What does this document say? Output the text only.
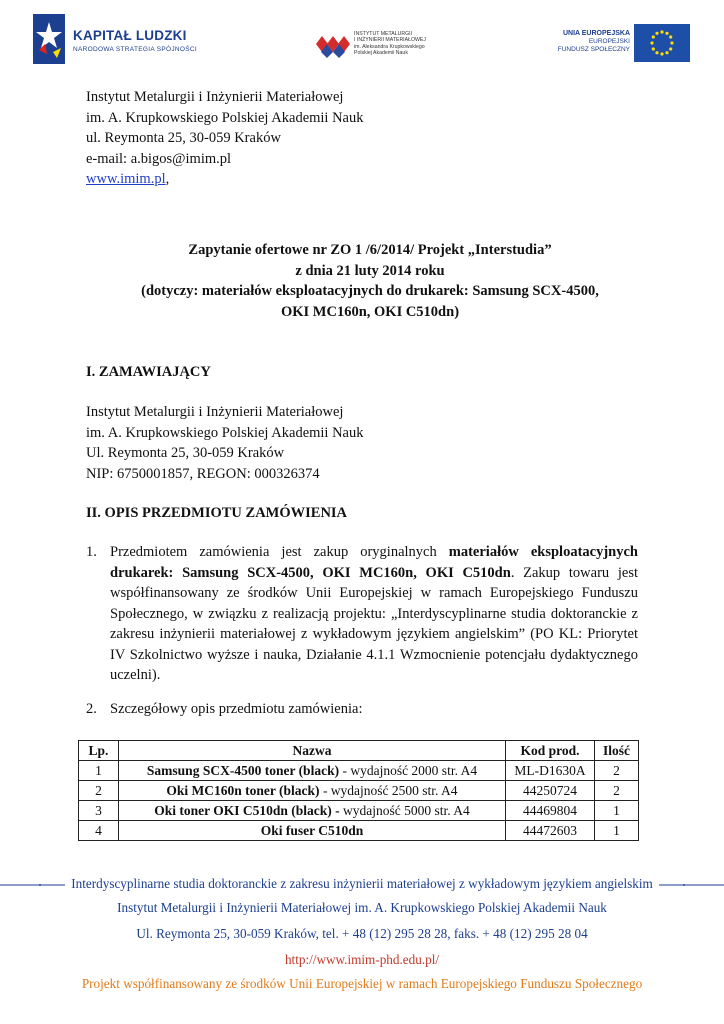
KAPITAŁ LUDZKI
NARODOWA STRATEGIA SPÓJNOŚCI
INSTYTUT METALURGII
I INŻYNIERII MATERIAŁOWEJ
im. Aleksandra Krupkowskiego
Polskiej Akademii Nauk
UNIA EUROPEJSKA
EUROPEJSKI
FUNDUSZ SPOŁECZNY
Instytut Metalurgii i Inżynierii Materiałowej
im. A. Krupkowskiego Polskiej Akademii Nauk
ul. Reymonta 25, 30-059 Kraków
e-mail: a.bigos@imim.pl
www.imim.pl,
Zapytanie ofertowe nr ZO 1 /6/2014/ Projekt „Interstudia”
z dnia 21 luty 2014 roku
(dotyczy: materiałów eksploatacyjnych do drukarek: Samsung SCX-4500,
OKI MC160n, OKI C510dn)
I. ZAMAWIAJĄCY
Instytut Metalurgii i Inżynierii Materiałowej
im. A. Krupkowskiego Polskiej Akademii Nauk
Ul. Reymonta 25, 30-059 Kraków
NIP: 6750001857, REGON: 000326374
II. OPIS PRZEDMIOTU ZAMÓWIENIA
1. Przedmiotem zamówienia jest zakup oryginalnych materiałów eksploatacyjnych drukarek: Samsung SCX-4500, OKI MC160n, OKI C510dn. Zakup towaru jest współfinansowany ze środków Unii Europejskiej w ramach Europejskiego Funduszu Społecznego, w związku z realizacją projektu: „Interdyscyplinarne studia doktoranckie z zakresu inżynierii materiałowej z wykładowym językiem angielskim” (PO KL: Priorytet IV Szkolnictwo wyższe i nauka, Działanie 4.1.1 Wzmocnienie potencjału dydaktycznego uczelni).
2. Szczegółowy opis przedmiotu zamówienia:
Lp.	Nazwa	Kod prod.	Ilość
1	Samsung SCX-4500 toner (black) - wydajność 2000 str. A4	ML-D1630A	2
2	Oki MC160n toner (black) - wydajność 2500 str. A4	44250724	2
3	Oki toner OKI C510dn (black) - wydajność 5000 str. A4	44469804	1
4	Oki fuser C510dn	44472603	1
Interdyscyplinarne studia doktoranckie z zakresu inżynierii materiałowej z wykładowym językiem angielskim
Instytut Metalurgii i Inżynierii Materiałowej im. A. Krupkowskiego Polskiej Akademii Nauk
Ul. Reymonta 25, 30-059 Kraków, tel. + 48 (12) 295 28 28, faks. + 48 (12) 295 28 04
http://www.imim-phd.edu.pl/
Projekt współfinansowany ze środków Unii Europejskiej w ramach Europejskiego Funduszu Społecznego
